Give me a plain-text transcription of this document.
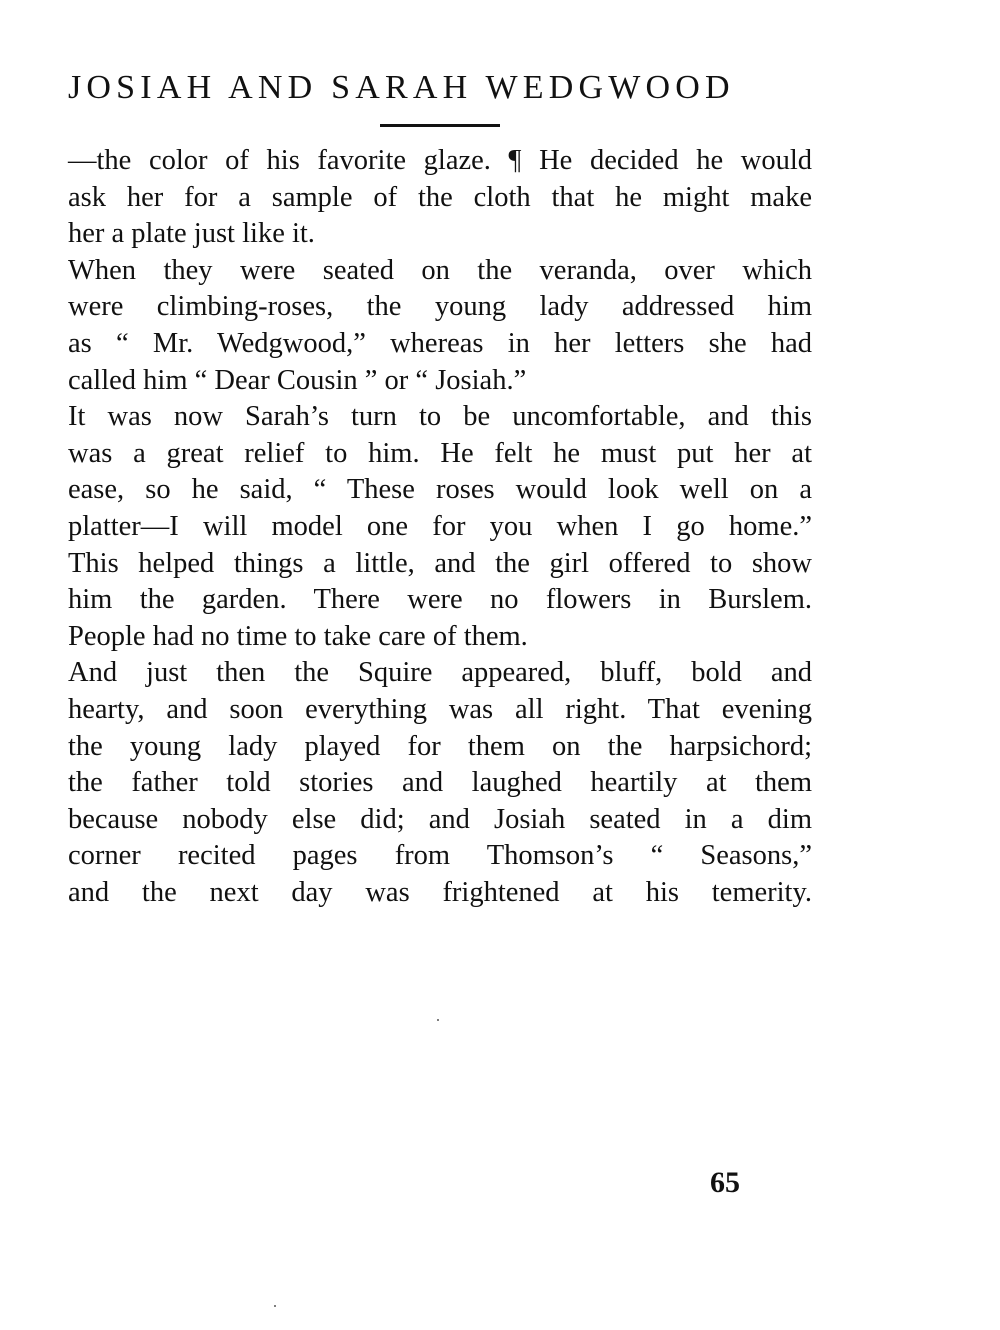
JOSIAH AND SARAH WEDGWOOD
—the color of his favorite glaze. ¶ He decided he would
ask her for a sample of the cloth that he might make
her a plate just like it.
When they were seated on the veranda, over which
were climbing-roses, the young lady addressed him
as “ Mr. Wedgwood,” whereas in her letters she had
called him “ Dear Cousin ” or “ Josiah.”
It was now Sarah’s turn to be uncomfortable, and this
was a great relief to him. He felt he must put her at
ease, so he said, “ These roses would look well on a
platter—I will model one for you when I go home.”
This helped things a little, and the girl offered to show
him the garden. There were no flowers in Burslem.
People had no time to take care of them.
And just then the Squire appeared, bluff, bold and
hearty, and soon everything was all right. That evening
the young lady played for them on the harpsichord;
the father told stories and laughed heartily at them
because nobody else did; and Josiah seated in a dim
corner recited pages from Thomson’s “ Seasons,”
and the next day was frightened at his temerity.
65
